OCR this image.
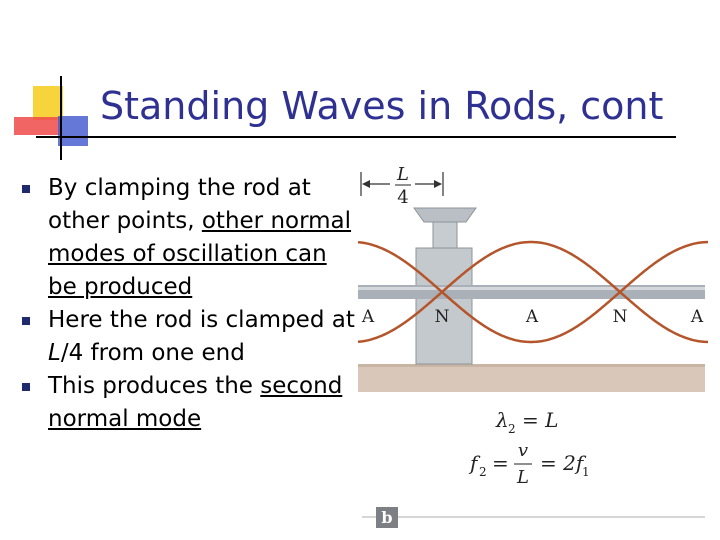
Standing Waves in Rods, cont
By clamping the rod at other points, other normal modes of oscillation can be produced
Here the rod is clamped at L/4 from one end
This produces the second normal mode
L
4
A	N	A	N	A
λ 2 = L
f 2 =
v
L
= 2f
1
b
